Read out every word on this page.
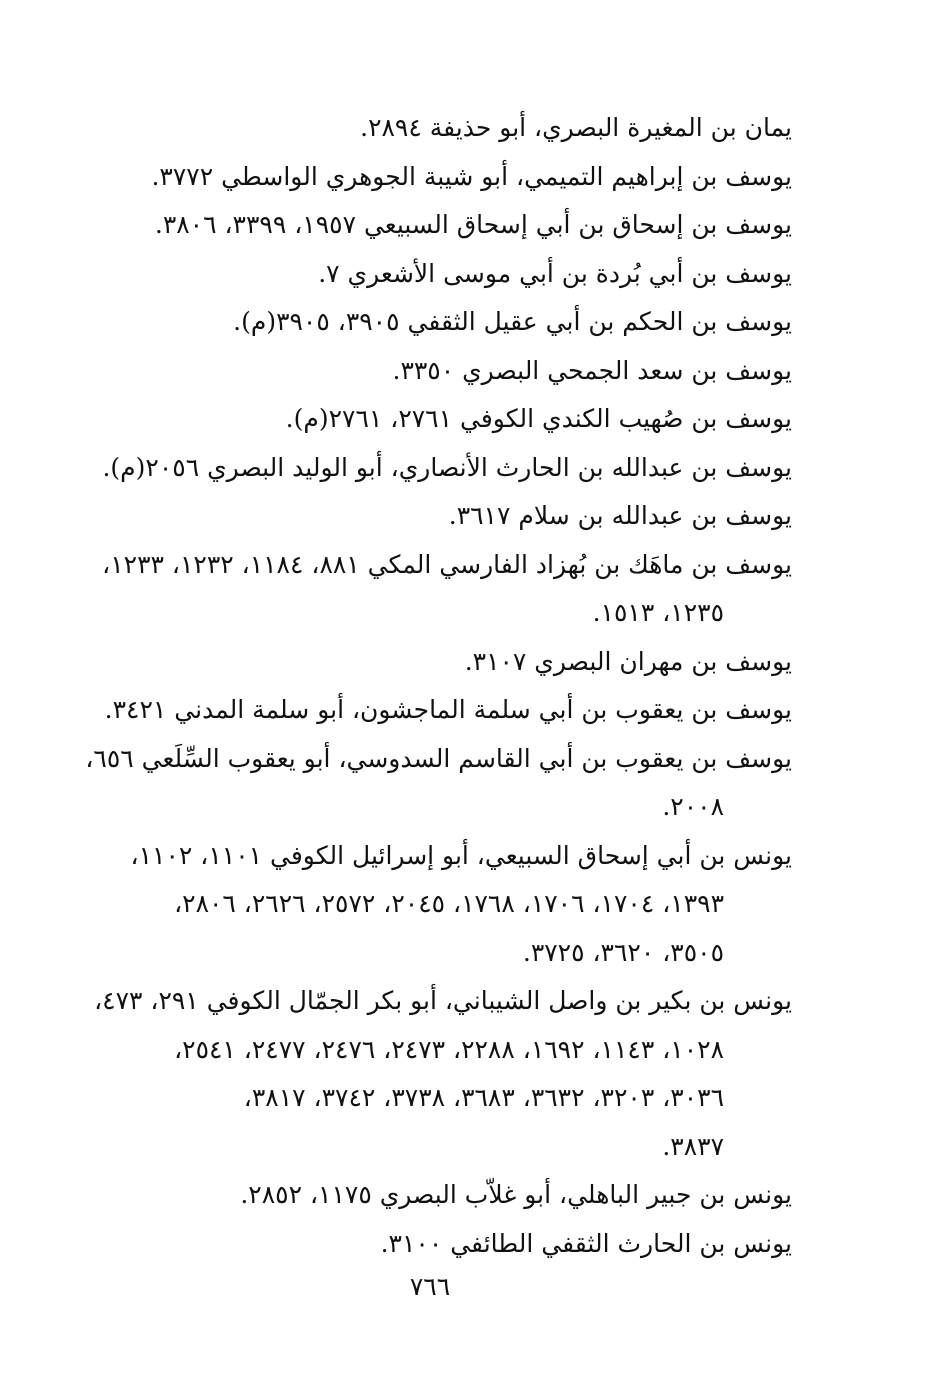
يمان بن المغيرة البصري، أبو حذيفة ٢٨٩٤.
يوسف بن إبراهيم التميمي، أبو شيبة الجوهري الواسطي ٣٧٧٢.
يوسف بن إسحاق بن أبي إسحاق السبيعي ١٩٥٧، ٣٣٩٩، ٣٨٠٦.
يوسف بن أبي بُردة بن أبي موسى الأشعري ٧.
يوسف بن الحكم بن أبي عقيل الثقفي ٣٩٠٥، ٣٩٠٥(م).
يوسف بن سعد الجمحي البصري ٣٣٥٠.
يوسف بن صُهيب الكندي الكوفي ٢٧٦١، ٢٧٦١(م).
يوسف بن عبدالله بن الحارث الأنصاري، أبو الوليد البصري ٢٠٥٦(م).
يوسف بن عبدالله بن سلام ٣٦١٧.
يوسف بن ماهَك بن بُهزاد الفارسي المكي ٨٨١، ١١٨٤، ١٢٣٢، ١٢٣٣،
١٢٣٥، ١٥١٣.
يوسف بن مهران البصري ٣١٠٧.
يوسف بن يعقوب بن أبي سلمة الماجشون، أبو سلمة المدني ٣٤٢١.
يوسف بن يعقوب بن أبي القاسم السدوسي، أبو يعقوب السِّلَعي ٦٥٦،
٢٠٠٨.
يونس بن أبي إسحاق السبيعي، أبو إسرائيل الكوفي ١١٠١، ١١٠٢،
١٣٩٣، ١٧٠٤، ١٧٠٦، ١٧٦٨، ٢٠٤٥، ٢٥٧٢، ٢٦٢٦، ٢٨٠٦،
٣٥٠٥، ٣٦٢٠، ٣٧٢٥.
يونس بن بكير بن واصل الشيباني، أبو بكر الجمّال الكوفي ٢٩١، ٤٧٣،
١٠٢٨، ١١٤٣، ١٦٩٢، ٢٢٨٨، ٢٤٧٣، ٢٤٧٦، ٢٤٧٧، ٢٥٤١،
٣٠٣٦، ٣٢٠٣، ٣٦٣٢، ٣٦٨٣، ٣٧٣٨، ٣٧٤٢، ٣٨١٧،
٣٨٣٧.
يونس بن جبير الباهلي، أبو غلاّب البصري ١١٧٥، ٢٨٥٢.
يونس بن الحارث الثقفي الطائفي ٣١٠٠.
٧٦٦
